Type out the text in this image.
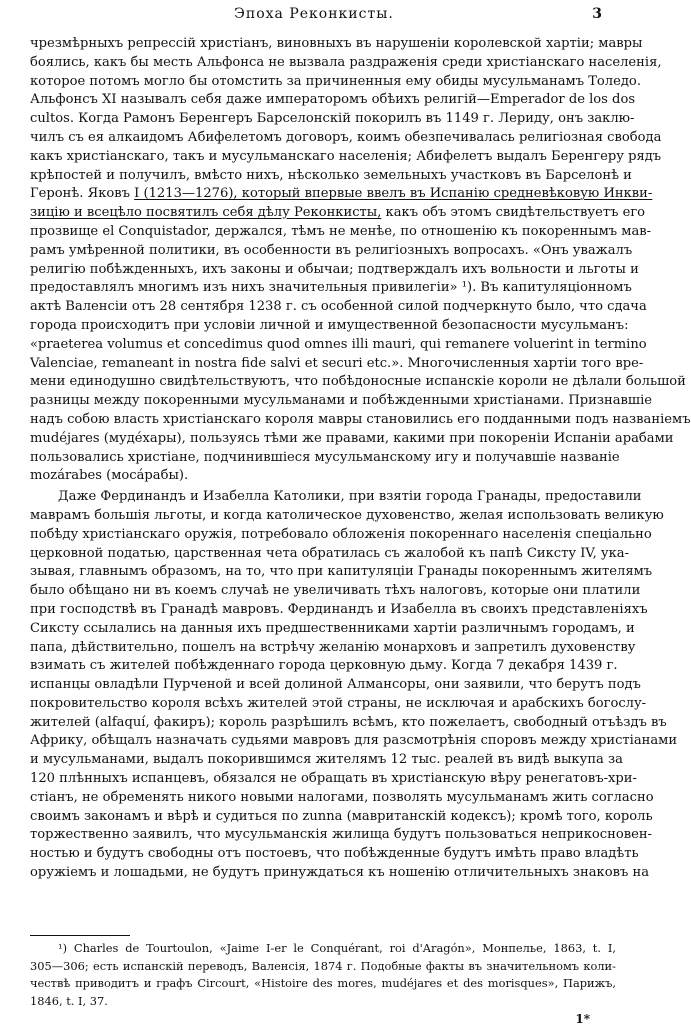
Эпоха Реконкисты.	3
чрезмѣрныхъ репрессій христіанъ, виновныхъ въ нарушеніи королевской хартіи; мавры
боялись, какъ бы месть Альфонса не вызвала раздраженія среди христіанскаго населенія,
которое потомъ могло бы отомстить за причиненныя ему обиды мусульманамъ Толедо.
Альфонсъ XI называлъ себя даже императоромъ обѣихъ религій—Emperador de los dos
cultos. Когда Рамонъ Беренгеръ Барселонскій покорилъ въ 1149 г. Лериду, онъ заклю-
чилъ съ ея алкаидомъ Абифелетомъ договоръ, коимъ обезпечивалась религіозная свобода
какъ христіанскаго, такъ и мусульманскаго населенія; Абифелетъ выдалъ Беренгеру рядъ
крѣпостей и получилъ, вмѣсто нихъ, нѣсколько земельныхъ участковъ въ Барселонѣ и
Геронѣ. Яковъ I (1213—1276), который впервые ввелъ въ Испанію средневѣковую Инкви-
зицію и всецѣло посвятилъ себя дѣлу Реконкисты, какъ объ этомъ свидѣтельствуетъ его
прозвище el Conquistador, держался, тѣмъ не менѣе, по отношенію къ покореннымъ мав-
рамъ умѣренной политики, въ особенности въ религіозныхъ вопросахъ. «Онъ уважалъ
религію побѣжденныхъ, ихъ законы и обычаи; подтверждалъ ихъ вольности и льготы и
предоставлялъ многимъ изъ нихъ значительныя привилегіи» ¹). Въ капитуляціонномъ
актѣ Валенсіи отъ 28 сентября 1238 г. съ особенной силой подчеркнуто было, что сдача
города происходитъ при условіи личной и имущественной безопасности мусульманъ:
«praeterea volumus et concedimus quod omnes illi mauri, qui remanere voluerint in termino
Valenciae, remaneant in nostra fide salvi et securi etc.». Многочисленныя хартіи того вре-
мени единодушно свидѣтельствуютъ, что побѣдоносные испанскіе короли не дѣлали большой
разницы между покоренными мусульманами и побѣжденными христіанами. Признавшіе
надъ собою власть христіанскаго короля мавры становились его подданными подъ названіемъ
mudéjares (мудéхары), пользуясь тѣми же правами, какими при покореніи Испаніи арабами
пользовались христіане, подчинившіеся мусульманскому игу и получавшіе названіе
mozárabes (мосáрабы).
Даже Фердинандъ и Изабелла Католики, при взятіи города Гранады, предоставили
маврамъ большія льготы, и когда католическое духовенство, желая использовать великую
побѣду христіанскаго оружія, потребовало обложенія покореннаго населенія спеціально
церковной податью, царственная чета обратилась съ жалобой къ папѣ Сиксту IV, ука-
зывая, главнымъ образомъ, на то, что при капитуляціи Гранады покореннымъ жителямъ
было обѣщано ни въ коемъ случаѣ не увеличивать тѣхъ налоговъ, которые они платили
при господствѣ въ Гранадѣ мавровъ. Фердинандъ и Изабелла въ своихъ представленіяхъ
Сиксту ссылались на данныя ихъ предшественниками хартіи различнымъ городамъ, и
папа, дѣйствительно, пошелъ на встрѣчу желанію монарховъ и запретилъ духовенству
взимать съ жителей побѣжденнаго города церковную дьму. Когда 7 декабря 1439 г.
испанцы овладѣли Пурченой и всей долиной Алмансоры, они заявили, что берутъ подъ
покровительство короля всѣхъ жителей этой страны, не исключая и арабскихъ богослу-
жителей (alfaquí, факиръ); король разрѣшилъ всѣмъ, кто пожелаетъ, свободный отъѣздъ въ
Африку, обѣщалъ назначать судьями мавровъ для разсмотрѣнія споровъ между христіанами
и мусульманами, выдалъ покорившимся жителямъ 12 тыс. реалей въ видѣ выкупа за
120 плѣнныхъ испанцевъ, обязался не обращать въ христіанскую вѣру ренегатовъ-хри-
стіанъ, не обременять никого новыми налогами, позволять мусульманамъ жить согласно
своимъ законамъ и вѣрѣ и судиться по zunna (мавританскій кодексъ); кромѣ того, король
торжественно заявилъ, что мусульманскія жилища будутъ пользоваться неприкосновен-
ностью и будутъ свободны отъ постоевъ, что побѣжденные будутъ имѣть право владѣть
оружіемъ и лошадьми, не будутъ принуждаться къ ношенію отличительныхъ знаковъ на
¹) Charles de Tourtoulon, «Jaime I-er le Conquérant, roi d'Aragón», Монпелье, 1863, t. I,
305—306; есть испанскій переводъ, Валенсія, 1874 г. Подобные факты въ значительномъ коли-
чествѣ приводитъ и графъ Circourt, «Histoire des mores, mudéjares et des morisques», Парижъ,
1846, t. I, 37.
1*
